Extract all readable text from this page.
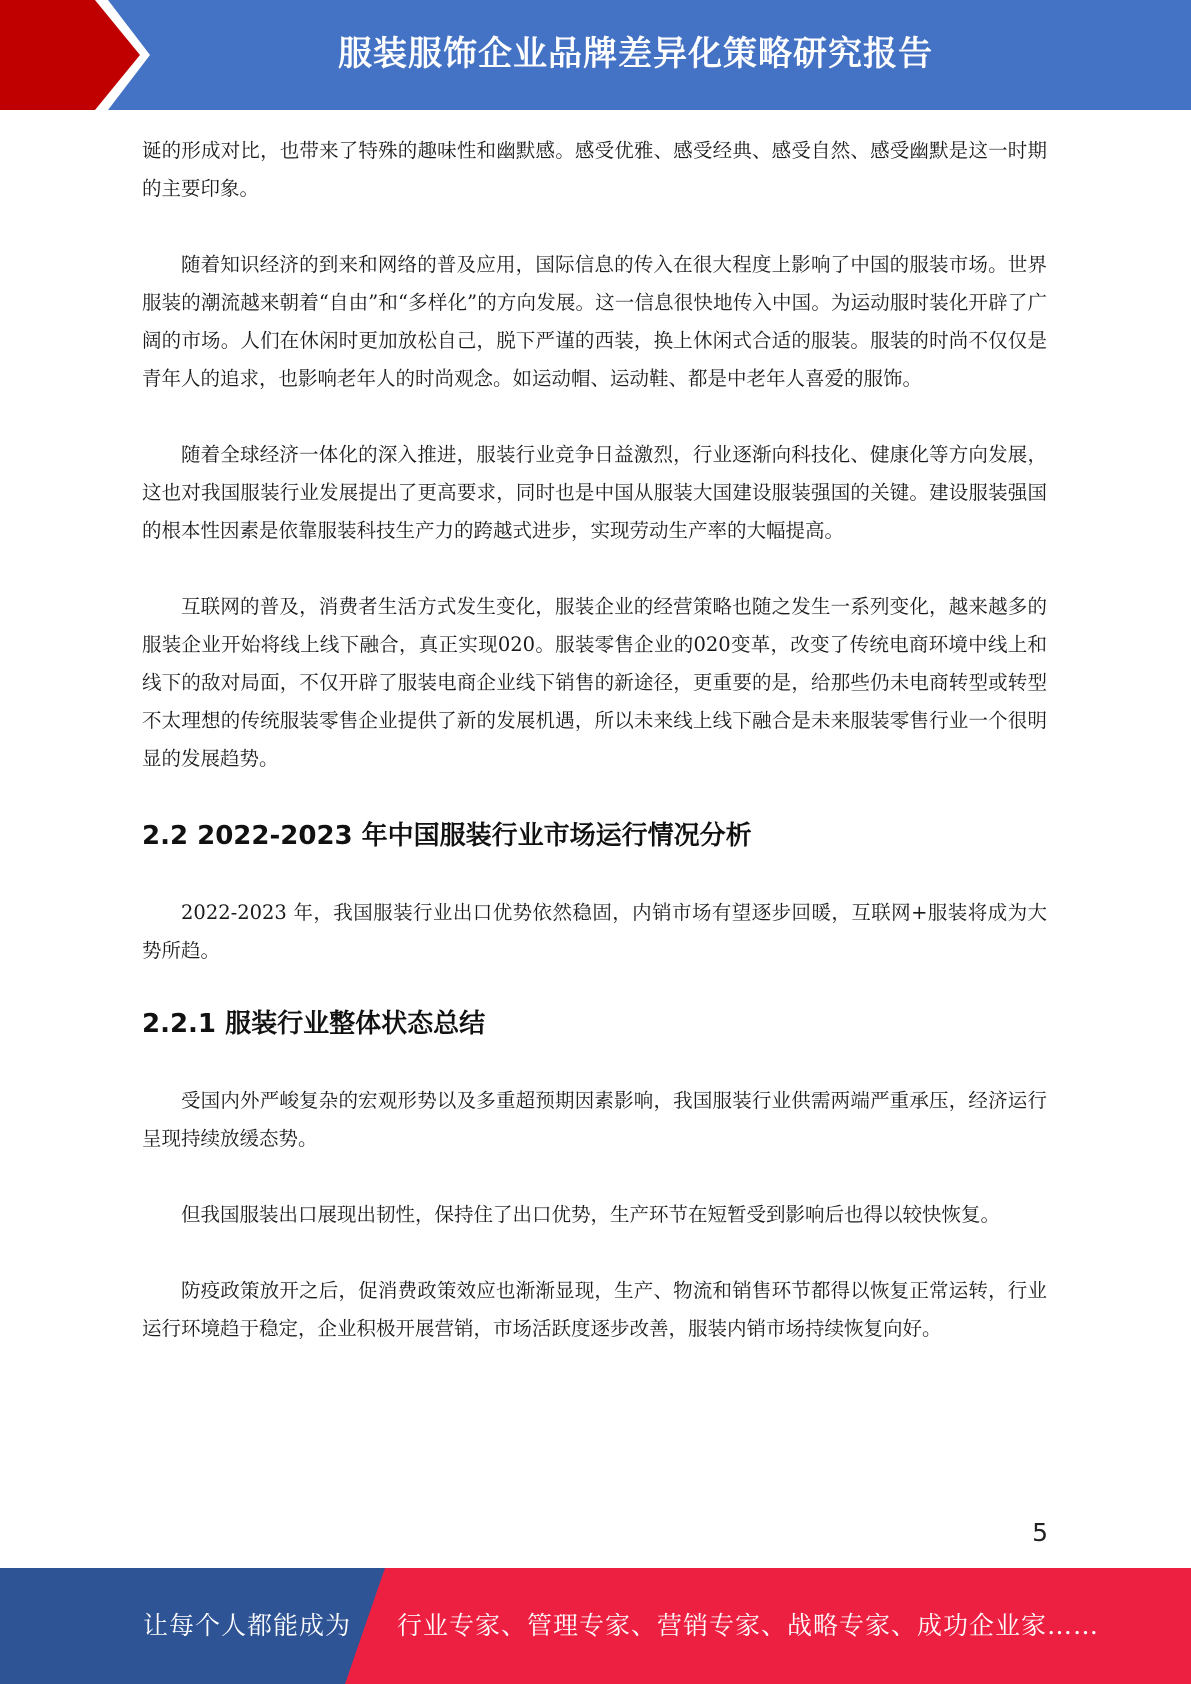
服装服饰企业品牌差异化策略研究报告

诞的形成对比，也带来了特殊的趣味性和幽默感。感受优雅、感受经典、感受自然、感受幽默是这一时期的主要印象。

随着知识经济的到来和网络的普及应用，国际信息的传入在很大程度上影响了中国的服装市场。世界服装的潮流越来朝着“自由”和“多样化”的方向发展。这一信息很快地传入中国。为运动服时装化开辟了广阔的市场。人们在休闲时更加放松自己，脱下严谨的西装，换上休闲式合适的服装。服装的时尚不仅仅是青年人的追求，也影响老年人的时尚观念。如运动帽、运动鞋、都是中老年人喜爱的服饰。

随着全球经济一体化的深入推进，服装行业竞争日益激烈，行业逐渐向科技化、健康化等方向发展，这也对我国服装行业发展提出了更高要求，同时也是中国从服装大国建设服装强国的关键。建设服装强国的根本性因素是依靠服装科技生产力的跨越式进步，实现劳动生产率的大幅提高。

互联网的普及，消费者生活方式发生变化，服装企业的经营策略也随之发生一系列变化，越来越多的服装企业开始将线上线下融合，真正实现020。服装零售企业的020变革，改变了传统电商环境中线上和线下的敌对局面，不仅开辟了服装电商企业线下销售的新途径，更重要的是，给那些仍未电商转型或转型不太理想的传统服装零售企业提供了新的发展机遇，所以未来线上线下融合是未来服装零售行业一个很明显的发展趋势。

2.2 2022-2023 年中国服装行业市场运行情况分析

2022-2023 年，我国服装行业出口优势依然稳固，内销市场有望逐步回暖，互联网+服装将成为大势所趋。

2.2.1 服装行业整体状态总结

受国内外严峻复杂的宏观形势以及多重超预期因素影响，我国服装行业供需两端严重承压，经济运行呈现持续放缓态势。

但我国服装出口展现出韧性，保持住了出口优势，生产环节在短暂受到影响后也得以较快恢复。

防疫政策放开之后，促消费政策效应也渐渐显现，生产、物流和销售环节都得以恢复正常运转，行业运行环境趋于稳定，企业积极开展营销，市场活跃度逐步改善，服装内销市场持续恢复向好。

5
让每个人都能成为 行业专家、管理专家、营销专家、战略专家、成功企业家……
